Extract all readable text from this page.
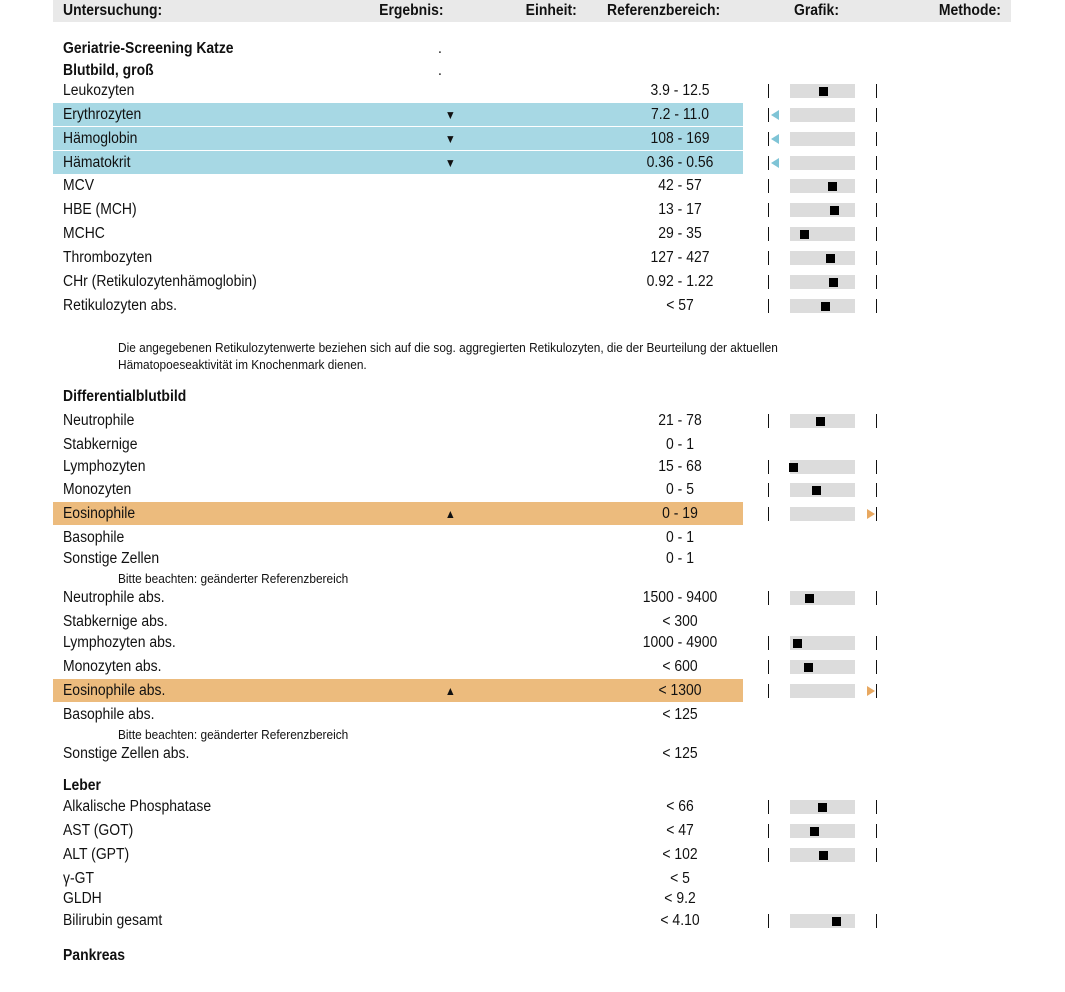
Untersuchung:	Ergebnis:	Einheit: Referenzbereich:	Grafik:	Methode:
Geriatrie-Screening Katze	.
Blutbild, groß	.
Differentialblutbild
Leber
Pankreas
Die angegebenen Retikulozytenwerte beziehen sich auf die sog. aggregierten Retikulozyten, die der Beurteilung der aktuellen
Hämatopoeseaktivität im Knochenmark dienen.
Bitte beachten: geänderter Referenzbereich
Bitte beachten: geänderter Referenzbereich
Leukozyten	3.9 - 12.5
Erythrozyten	▼	7.2 - 11.0
Hämoglobin	▼	108 - 169
Hämatokrit	▼	0.36 - 0.56
MCV	42 - 57
HBE (MCH)	13 - 17
MCHC	29 - 35
Thrombozyten	127 - 427
CHr (Retikulozytenhämoglobin)	0.92 - 1.22
Retikulozyten abs.	< 57
Neutrophile	21 - 78
Stabkernige	0 - 1
Lymphozyten	15 - 68
Monozyten	0 - 5
Eosinophile	▲	0 - 19
Basophile	0 - 1
Sonstige Zellen	0 - 1
Neutrophile abs.	1500 - 9400
Stabkernige abs.	< 300
Lymphozyten abs.	1000 - 4900
Monozyten abs.	< 600
Eosinophile abs.	▲	< 1300
Basophile abs.	< 125
Sonstige Zellen abs.	< 125
Alkalische Phosphatase	< 66
AST (GOT)	< 47
ALT (GPT)	< 102
γ-GT	< 5
GLDH	< 9.2
Bilirubin gesamt	< 4.10
